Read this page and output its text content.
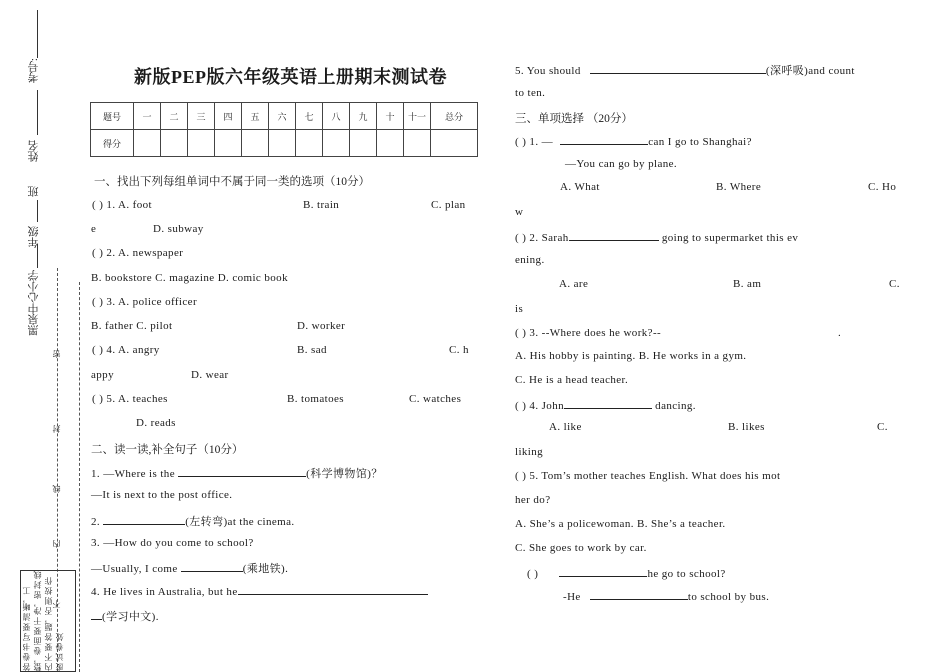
考号:
姓名
班
年级
黑泉中心小学
密
封
线
内
不
答 卷 书 写 要 清 晰，工 整，卷 面 要 干 净，密 封 线 内 不 要 答 题，否 则 按 作 废 试 卷 处
新版PEP版六年级英语上册期末测试卷
题号	一	二	三	四	五	六	七	八	九	十	十一	总分
得分												
一、找出下列每组单词中不属于同一类的选项（10分）
( ) 1. A. foot	B. train	C. plan
e	D. subway
( ) 2. A. newspaper
B. bookstore C. magazine D. comic book
( ) 3. A. police officer
B. father C. pilot	D. worker
( ) 4. A. angry	B. sad	C. h
appy	D. wear
( ) 5. A. teaches	B. tomatoes	C. watches
D. reads
二、读一读,补全句子（10分）
1. —Where is the	(科学博物馆)？
—It is next to the post office.
2.	(左转弯)at the cinema.
3. —How do you come to school?
—Usually, I come	(乘地铁).
4. He lives in Australia, but he
(学习中文).
5. You should	(深呼吸)and count
to ten.
三、单项选择 （20分）
( ) 1. —	can I go to Shanghai?
—You can go by plane.
A. What	B. Where	C. Ho
w
( ) 2. Sarah	going to supermarket this ev
ening.
A. are	B. am	C.
is
( ) 3. --Where does he work?--	.
A. His hobby is painting. B. He works in a gym.
C. He is a head teacher.
( ) 4. John	dancing.
A. like	B. likes	C.
liking
( ) 5. Tom’s mother teaches English. What does his mot
her do?
A. She’s a policewoman. B. She’s a teacher.
C. She goes to work by car.
( )	he go to school?
-He	to school by bus.
